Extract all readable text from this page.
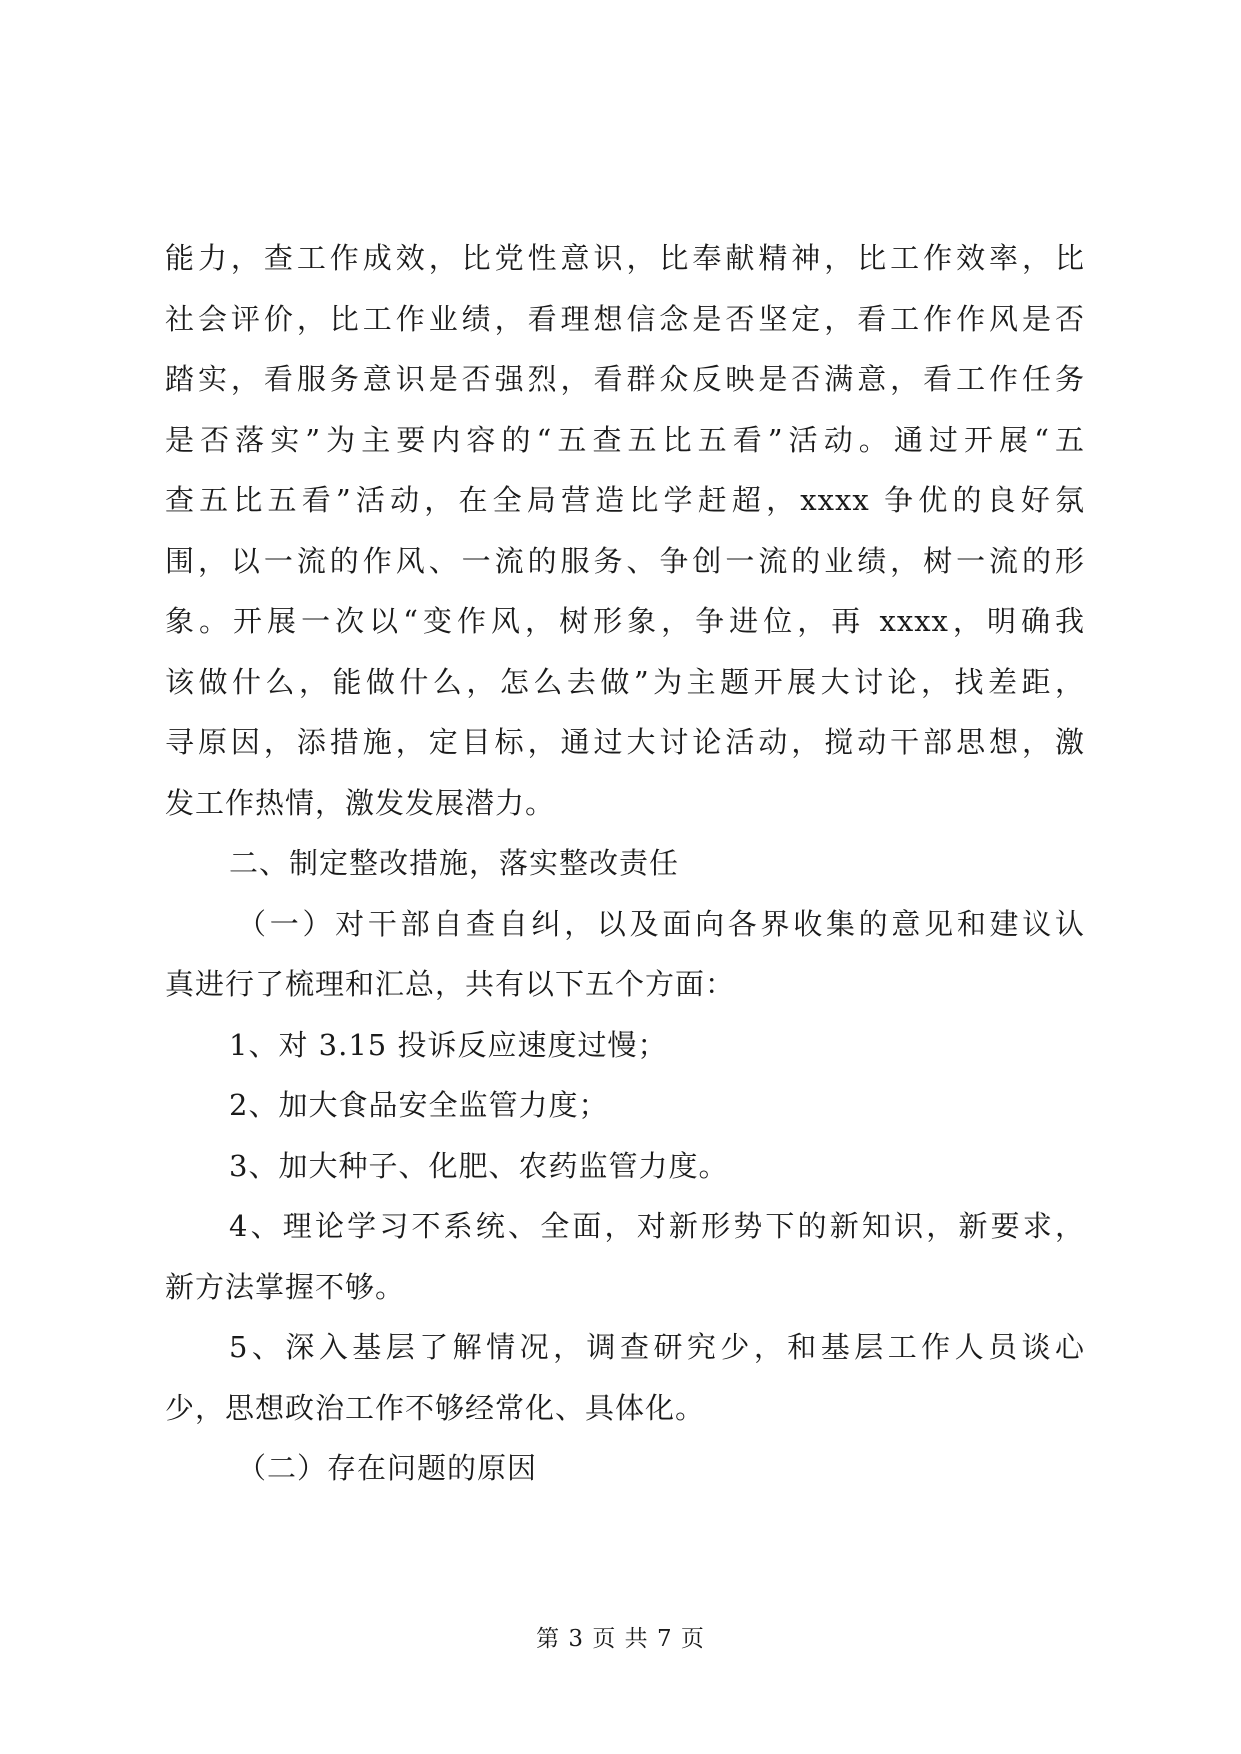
能力，查工作成效，比党性意识，比奉献精神，比工作效率，比
社会评价，比工作业绩，看理想信念是否坚定，看工作作风是否
踏实，看服务意识是否强烈，看群众反映是否满意，看工作任务
是否落实”为主要内容的“五查五比五看”活动。通过开展“五
查五比五看”活动，在全局营造比学赶超，xxxx 争优的良好氛
围，以一流的作风、一流的服务、争创一流的业绩，树一流的形
象。开展一次以“变作风，树形象，争进位，再 xxxx，明确我
该做什么，能做什么，怎么去做”为主题开展大讨论，找差距，
寻原因，添措施，定目标，通过大讨论活动，搅动干部思想，激
发工作热情，激发发展潜力。
二、制定整改措施，落实整改责任
（一）对干部自查自纠，以及面向各界收集的意见和建议认
真进行了梳理和汇总，共有以下五个方面：
1、对 3.15 投诉反应速度过慢；
2、加大食品安全监管力度；
3、加大种子、化肥、农药监管力度。
4、理论学习不系统、全面，对新形势下的新知识，新要求，
新方法掌握不够。
5、深入基层了解情况，调查研究少，和基层工作人员谈心
少，思想政治工作不够经常化、具体化。
（二）存在问题的原因
第 3 页 共 7 页
